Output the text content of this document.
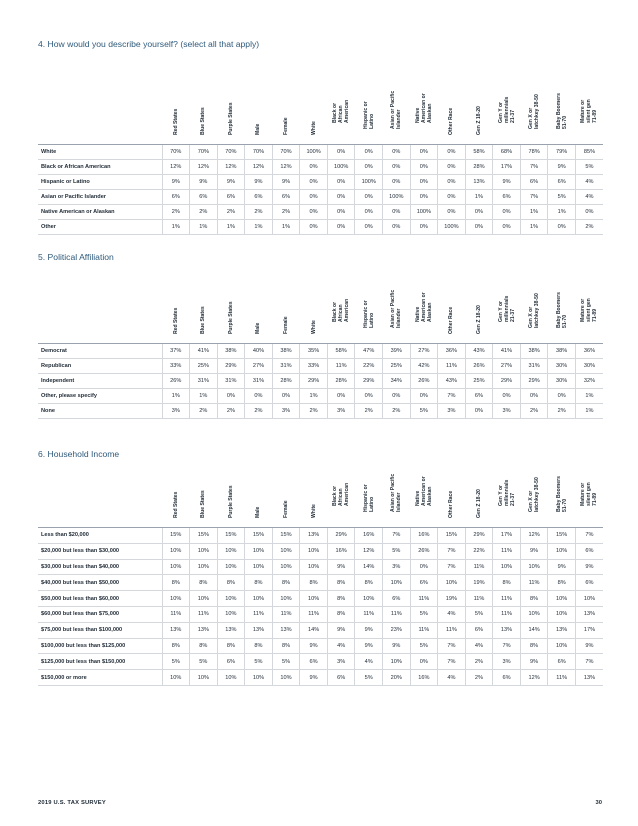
4. How would you describe yourself? (select all that apply)

	Red States	Blue States	Purple States	Male	Female	White	Black or
African
American	Hispanic or
Latino	Asian or Pacific
Islander	Native
American or
Alaskan	Other Race	Gen Z 18-20	Gen Y or
millennials
21-37	Gen X or
latchkey 38-50	Baby Boomers
51-70	Mature or
silent gen
71-89

White	70%	70%	70%	70%	70%	100%	0%	0%	0%	0%	0%	58%	68%	78%	79%	85%
Black or African American	12%	12%	12%	12%	12%	0%	100%	0%	0%	0%	0%	28%	17%	7%	9%	5%
Hispanic or Latino	9%	9%	9%	9%	9%	0%	0%	100%	0%	0%	0%	13%	9%	6%	6%	4%
Asian or Pacific Islander	6%	6%	6%	6%	6%	0%	0%	0%	100%	0%	0%	1%	6%	7%	5%	4%
Native American or Alaskan	2%	2%	2%	2%	2%	0%	0%	0%	0%	100%	0%	0%	0%	1%	1%	0%
Other	1%	1%	1%	1%	1%	0%	0%	0%	0%	0%	100%	0%	0%	1%	0%	2%
5. Political Affiliation

	Red States	Blue States	Purple States	Male	Female	White	Black or
African
American	Hispanic or
Latino	Asian or Pacific
Islander	Native
American or
Alaskan	Other Race	Gen Z 18-20	Gen Y or
millennials
21-37	Gen X or
latchkey 38-50	Baby Boomers
51-70	Mature or
silent gen
71-89

Democrat	37%	41%	38%	40%	38%	35%	58%	47%	39%	27%	36%	43%	41%	38%	38%	36%
Republican	33%	25%	29%	27%	31%	33%	11%	22%	25%	42%	11%	26%	27%	31%	30%	30%
Independent	26%	31%	31%	31%	28%	29%	28%	29%	34%	26%	43%	25%	29%	29%	30%	32%
Other, please specify	1%	1%	0%	0%	0%	1%	0%	0%	0%	0%	7%	6%	0%	0%	0%	1%
None	3%	2%	2%	2%	3%	2%	3%	2%	2%	5%	3%	0%	3%	2%	2%	1%
6. Household Income

	Red States	Blue States	Purple States	Male	Female	White	Black or
African
American	Hispanic or
Latino	Asian or Pacific
Islander	Native
American or
Alaskan	Other Race	Gen Z 18-20	Gen Y or
millennials
21-37	Gen X or
latchkey 38-50	Baby Boomers
51-70	Mature or
silent gen
71-89

Less than $20,000	15%	15%	15%	15%	15%	13%	29%	16%	7%	16%	15%	29%	17%	12%	15%	7%
$20,000 but less than $30,000	10%	10%	10%	10%	10%	10%	16%	12%	5%	26%	7%	22%	11%	9%	10%	6%
$30,000 but less than $40,000	10%	10%	10%	10%	10%	10%	9%	14%	3%	0%	7%	11%	10%	10%	9%	9%
$40,000 but less than $50,000	8%	8%	8%	8%	8%	8%	8%	8%	10%	6%	10%	19%	8%	11%	8%	6%
$50,000 but less than $60,000	10%	10%	10%	10%	10%	10%	8%	10%	6%	11%	19%	11%	11%	8%	10%	10%
$60,000 but less than $75,000	11%	11%	10%	11%	11%	11%	8%	11%	11%	5%	4%	5%	11%	10%	10%	13%
$75,000 but less than $100,000	13%	13%	13%	13%	13%	14%	9%	9%	23%	11%	11%	6%	13%	14%	13%	17%
$100,000 but less than $125,000	8%	8%	8%	8%	8%	9%	4%	9%	9%	5%	7%	4%	7%	8%	10%	9%
$125,000 but less than $150,000	5%	5%	6%	5%	5%	6%	3%	4%	10%	0%	7%	2%	3%	9%	6%	7%
$150,000 or more	10%	10%	10%	10%	10%	9%	6%	5%	20%	16%	4%	2%	6%	12%	11%	13%
2019 U.S. TAX SURVEY	30
